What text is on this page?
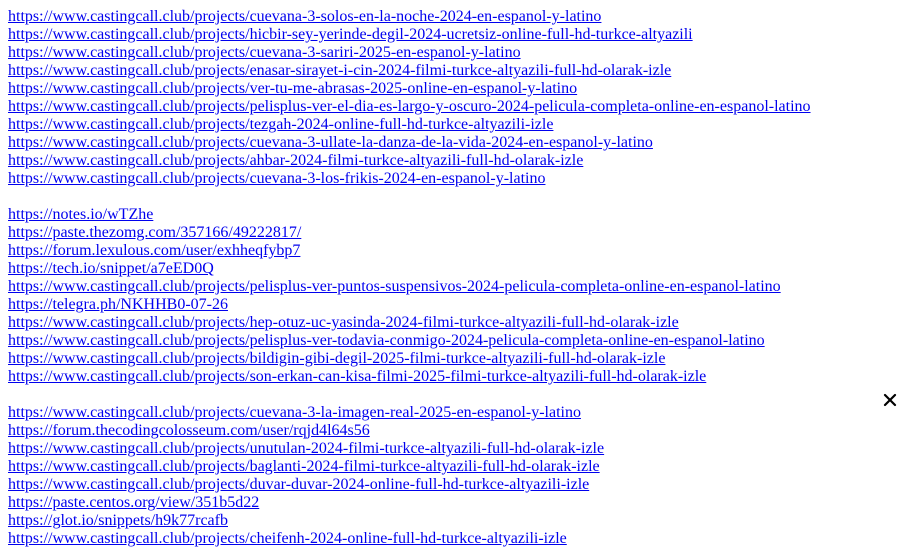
https://www.castingcall.club/projects/cuevana-3-solos-en-la-noche-2024-en-espanol-y-latino
https://www.castingcall.club/projects/hicbir-sey-yerinde-degil-2024-ucretsiz-online-full-hd-turkce-altyazili
https://www.castingcall.club/projects/cuevana-3-sariri-2025-en-espanol-y-latino
https://www.castingcall.club/projects/enasar-sirayet-i-cin-2024-filmi-turkce-altyazili-full-hd-olarak-izle
https://www.castingcall.club/projects/ver-tu-me-abrasas-2025-online-en-espanol-y-latino
https://www.castingcall.club/projects/pelisplus-ver-el-dia-es-largo-y-oscuro-2024-pelicula-completa-online-en-espanol-latino
https://www.castingcall.club/projects/tezgah-2024-online-full-hd-turkce-altyazili-izle
https://www.castingcall.club/projects/cuevana-3-ullate-la-danza-de-la-vida-2024-en-espanol-y-latino
https://www.castingcall.club/projects/ahbar-2024-filmi-turkce-altyazili-full-hd-olarak-izle
https://www.castingcall.club/projects/cuevana-3-los-frikis-2024-en-espanol-y-latino
https://notes.io/wTZhe
https://paste.thezomg.com/357166/49222817/
https://forum.lexulous.com/user/exhheqfybp7
https://tech.io/snippet/a7eED0Q
https://www.castingcall.club/projects/pelisplus-ver-puntos-suspensivos-2024-pelicula-completa-online-en-espanol-latino
https://telegra.ph/NKHHB0-07-26
https://www.castingcall.club/projects/hep-otuz-uc-yasinda-2024-filmi-turkce-altyazili-full-hd-olarak-izle
https://www.castingcall.club/projects/pelisplus-ver-todavia-conmigo-2024-pelicula-completa-online-en-espanol-latino
https://www.castingcall.club/projects/bildigin-gibi-degil-2025-filmi-turkce-altyazili-full-hd-olarak-izle
https://www.castingcall.club/projects/son-erkan-can-kisa-filmi-2025-filmi-turkce-altyazili-full-hd-olarak-izle
https://www.castingcall.club/projects/cuevana-3-la-imagen-real-2025-en-espanol-y-latino
https://forum.thecodingcolosseum.com/user/rqjd4l64s56
https://www.castingcall.club/projects/unutulan-2024-filmi-turkce-altyazili-full-hd-olarak-izle
https://www.castingcall.club/projects/baglanti-2024-filmi-turkce-altyazili-full-hd-olarak-izle
https://www.castingcall.club/projects/duvar-duvar-2024-online-full-hd-turkce-altyazili-izle
https://paste.centos.org/view/351b5d22
https://glot.io/snippets/h9k77rcafb
https://www.castingcall.club/projects/cheifenh-2024-online-full-hd-turkce-altyazili-izle
